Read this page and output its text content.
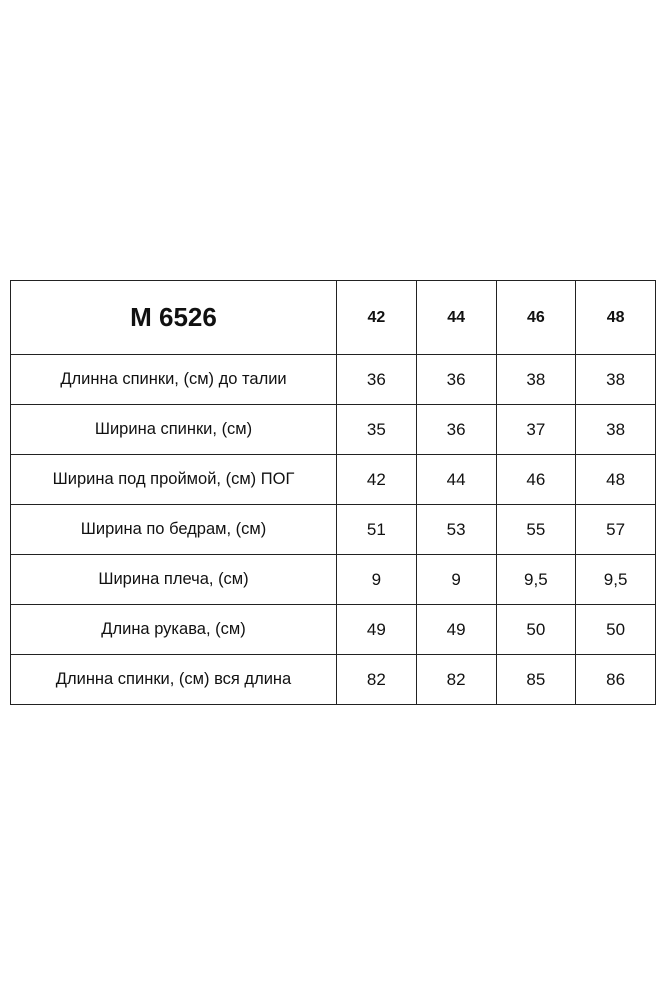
M 6526	42	44	46	48
Длинна спинки, (см) до талии	36	36	38	38
Ширина спинки, (см)	35	36	37	38
Ширина под проймой, (см) ПОГ	42	44	46	48
Ширина по бедрам, (см)	51	53	55	57
Ширина плеча, (см)	9	9	9,5	9,5
Длина рукава, (см)	49	49	50	50
Длинна спинки, (см) вся длина	82	82	85	86
